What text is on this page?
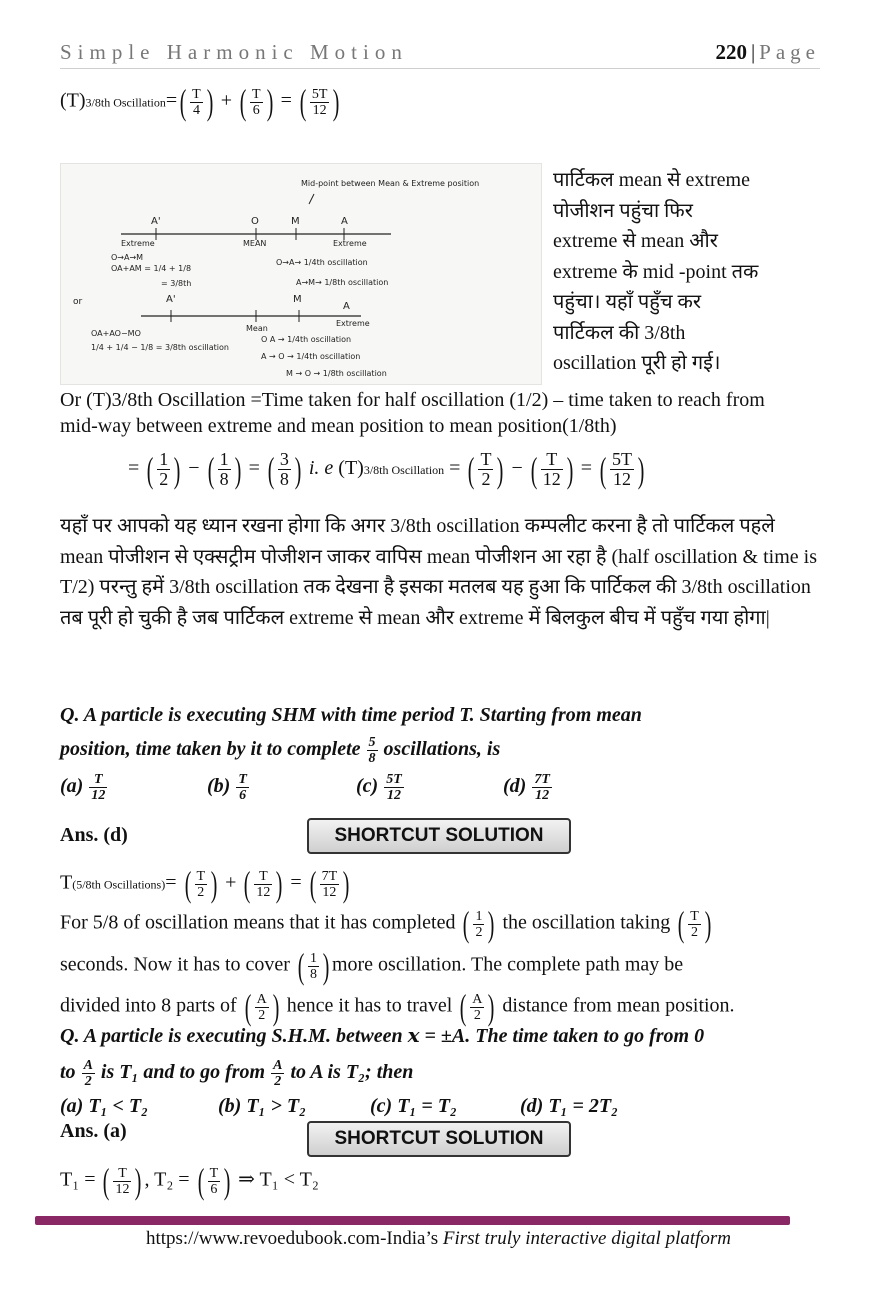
Simple Harmonic Motion	220 | Page
(T)3/8th Oscillation=( $\frac{T}{4}$ ) + ( $\frac{T}{6}$ ) = ( $\frac{5T}{12}$ )
Mid-point between Mean & Extreme position
A'	O	M	A
Extreme	MEAN	Extreme
O→A→M
OA+AM = 1/4 + 1/8
= 3/8th
O→A→ 1/4th oscillation
A→M→ 1/8th oscillation
or	A'	M
A
Mean
Extreme
OA+AO−MO
1/4 + 1/4 − 1/8 = 3/8th oscillation
O A → 1/4th oscillation
A → O → 1/4th oscillation
M → O → 1/8th oscillation
पार्टिकल mean से extreme
पोजीशन पहुंचा फिर
extreme से mean और
extreme के mid -point तक
पहुंचा। यहाँ पहुँच कर
पार्टिकल की 3/8th
oscillation पूरी हो गई।
Or (T)3/8th Oscillation =Time taken for half oscillation (1/2) – time taken to reach from
mid-way between extreme and mean position to mean position(1/8th)
= ( $\frac{1}{2}$ ) − ( $\frac{1}{8}$ ) = ( $\frac{3}{8}$ ) i. e (T)3/8th Oscillation = ( $\frac{T}{2}$ ) − ( $\frac{T}{12}$ ) = ( $\frac{5T}{12}$ )
यहाँ पर आपको यह ध्यान रखना होगा कि अगर 3/8th oscillation कम्पलीट करना है तो पार्टिकल पहले mean पोजीशन से एक्सट्रीम पोजीशन जाकर वापिस mean पोजीशन आ रहा है (half oscillation & time is T/2) परन्तु हमें 3/8th oscillation तक देखना है इसका मतलब यह हुआ कि पार्टिकल की 3/8th oscillation तब पूरी हो चुकी है जब पार्टिकल extreme से mean और extreme में बिलकुल बीच में पहुँच गया होगा|
Q. A particle is executing SHM with time period T. Starting from mean
position, time taken by it to complete $\frac{5}{8}$ oscillations, is
$(a) \frac{T}{12}$	$(b) \frac{T}{6}$	$(c) \frac{5T}{12}$	$(d) \frac{7T}{12}$
Ans. (d)	SHORTCUT SOLUTION
T(5/8th Oscillations)= ( $\frac{T}{2}$ ) + ( $\frac{T}{12}$ ) = ( $\frac{7T}{12}$ )
For 5/8 of oscillation means that it has completed ( $\frac{1}{2}$ ) the oscillation taking ( $\frac{T}{2}$ )
seconds. Now it has to cover ( $\frac{1}{8}$ ) more oscillation. The complete path may be
divided into 8 parts of ( $\frac{A}{2}$ ) hence it has to travel ( $\frac{A}{2}$ ) distance from mean position.
Q. A particle is executing S.H.M. between 𝒙 = ±A. The time taken to go from 0
to $\frac{A}{2}$ is T₁ and to go from $\frac{A}{2}$ to A is T₂; then
(a) T₁ < T₂	(b) T₁ > T₂	(c) T₁ = T₂	(d) T₁ = 2T₂
Ans. (a)	SHORTCUT SOLUTION
T₁ = ( $\frac{T}{12}$ ) , T₂ = ( $\frac{T}{6}$ ) ⇒ T₁ < T₂
https://www.revoedubook.com-India’s First truly interactive digital platform
